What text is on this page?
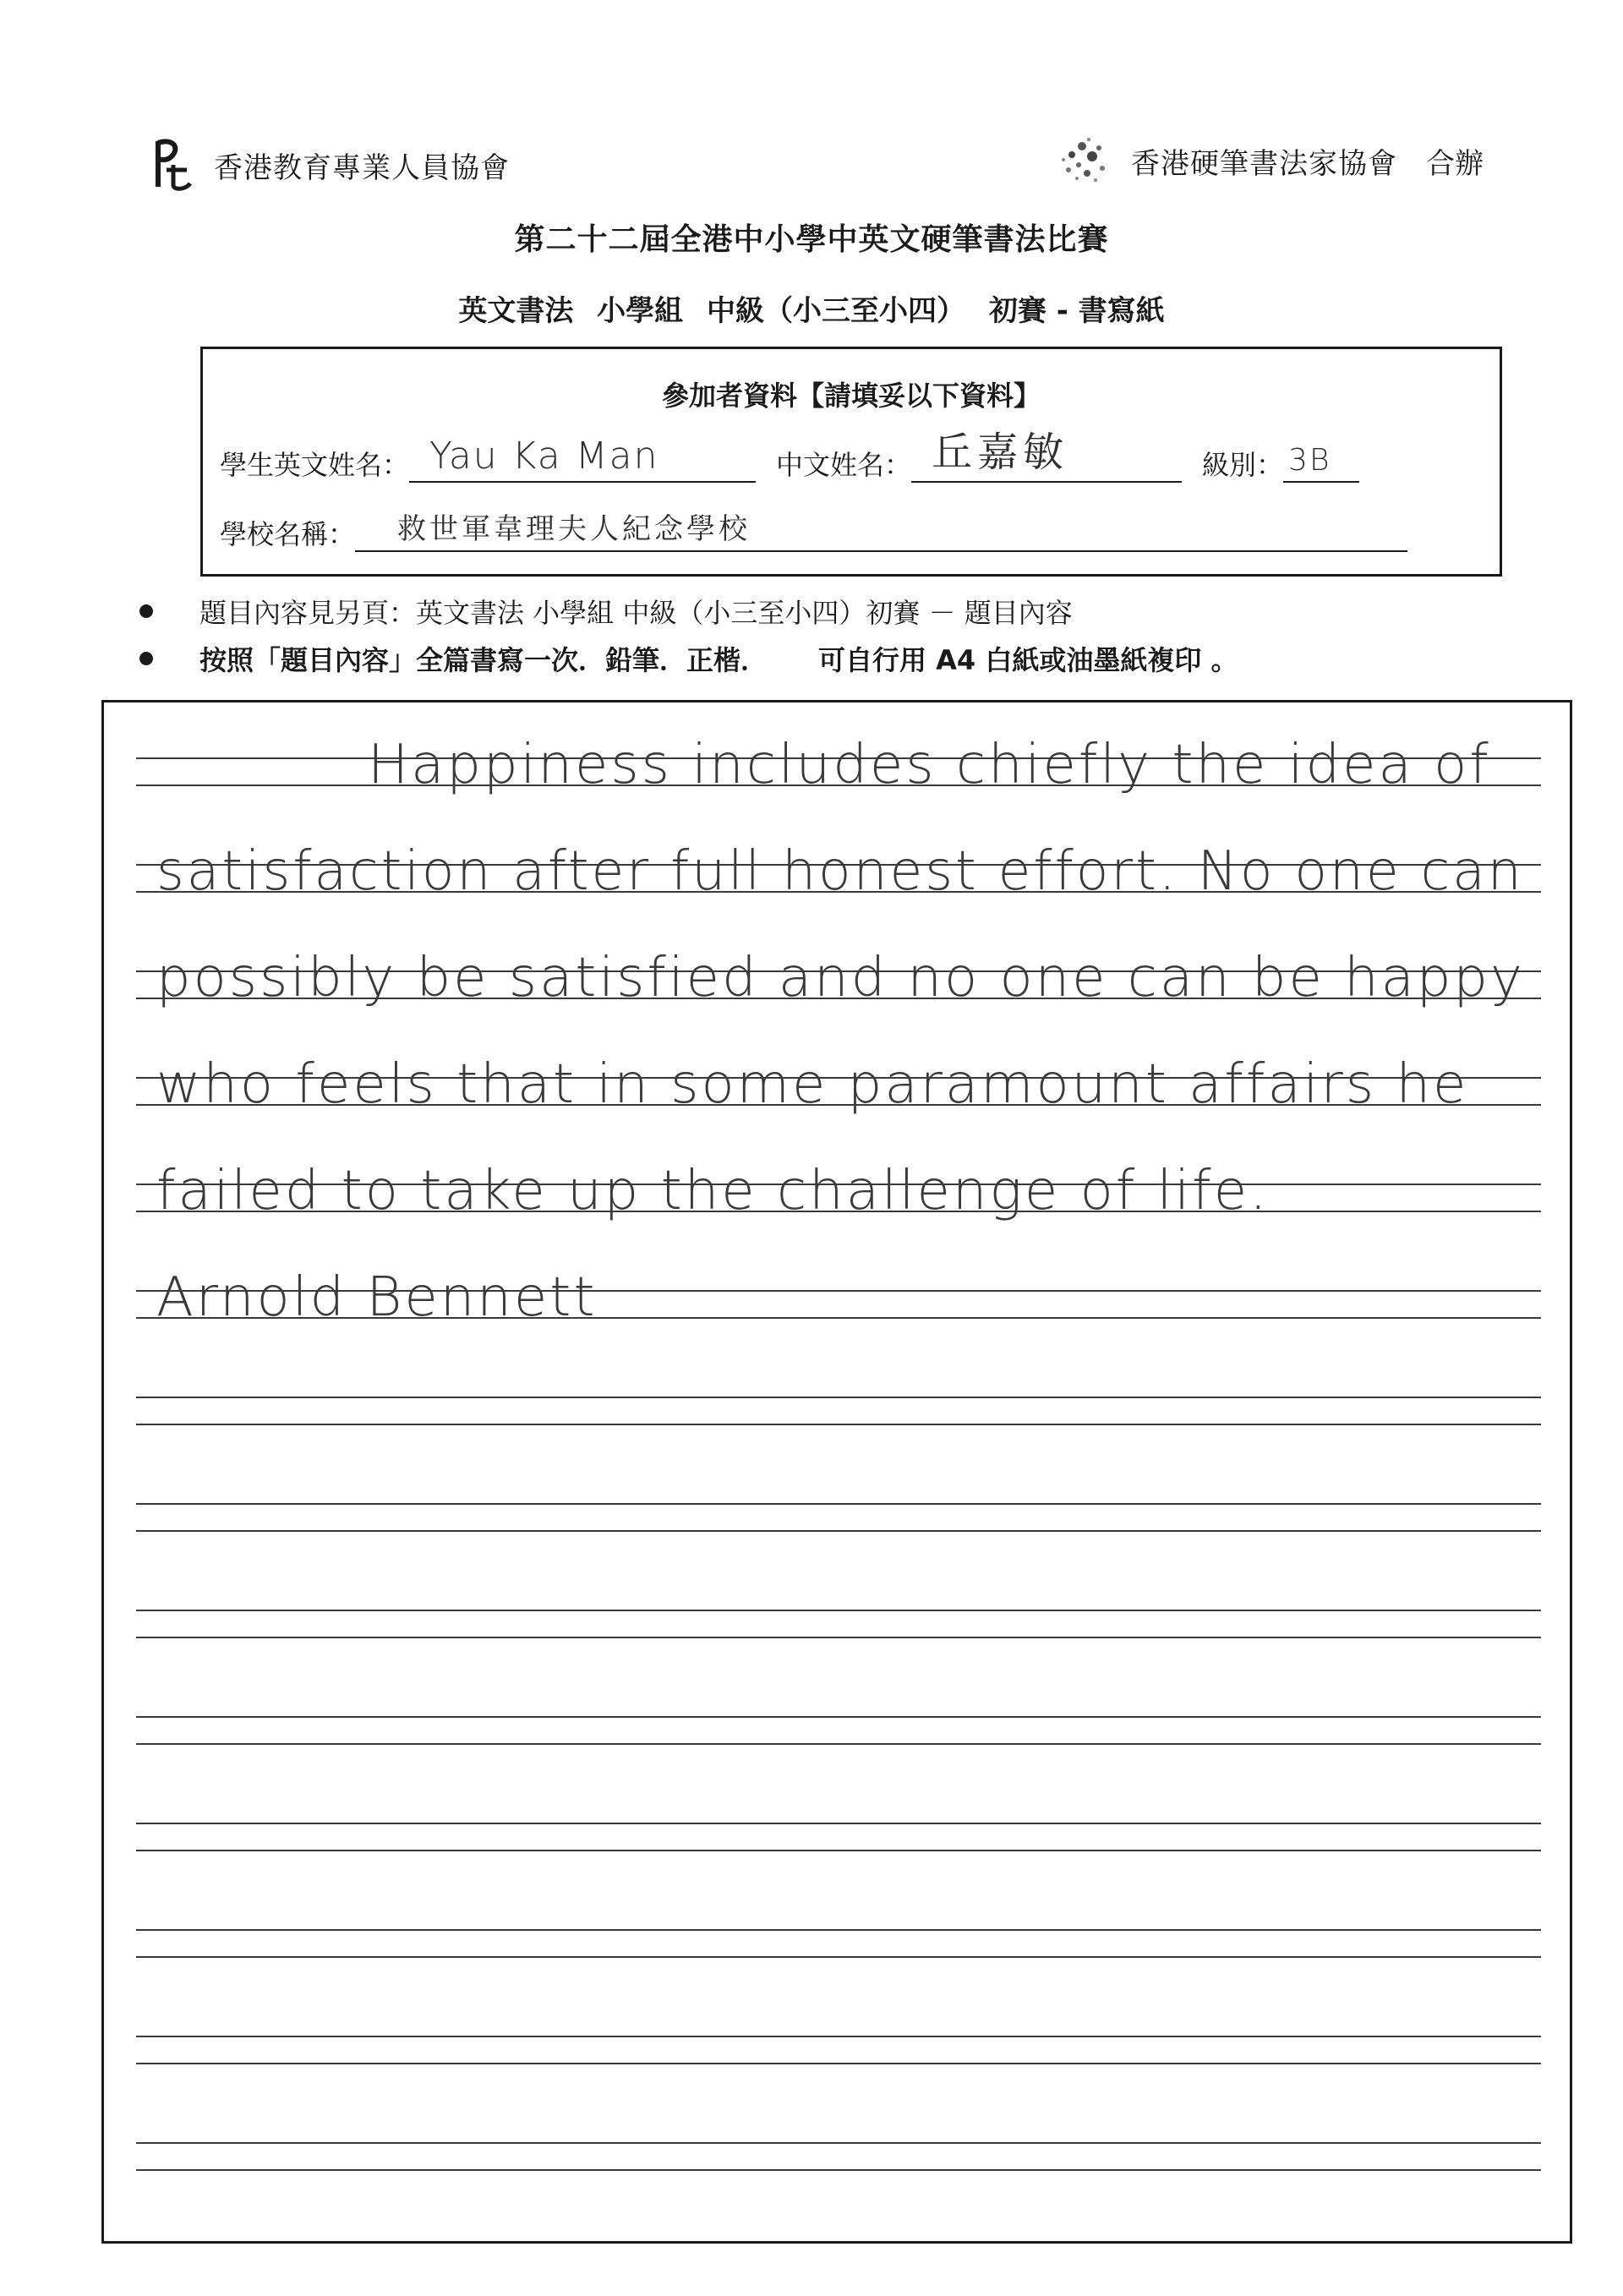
香港教育專業人員協會	香港硬筆書法家協會 合辦
第二十二屆全港中小學中英文硬筆書法比賽
英文書法 小學組 中級（小三至小四） 初賽 - 書寫紙
參加者資料【請填妥以下資料】
學生英文姓名： Yau Ka Man	中文姓名： 丘嘉敏	級別： 3B
學校名稱： 救世軍韋理夫人紀念學校
題目內容見另頁：英文書法 小學組 中級（小三至小四）初賽 － 題目內容
按照「題目內容」全篇書寫一次．鉛筆．正楷． 可自行用 A4 白紙或油墨紙複印 。
Happiness includes chiefly the idea of
satisfaction after full honest effort. No one can
possibly be satisfied and no one can be happy
who feels that in some paramount affairs he
failed to take up the challenge of life.
Arnold Bennett
